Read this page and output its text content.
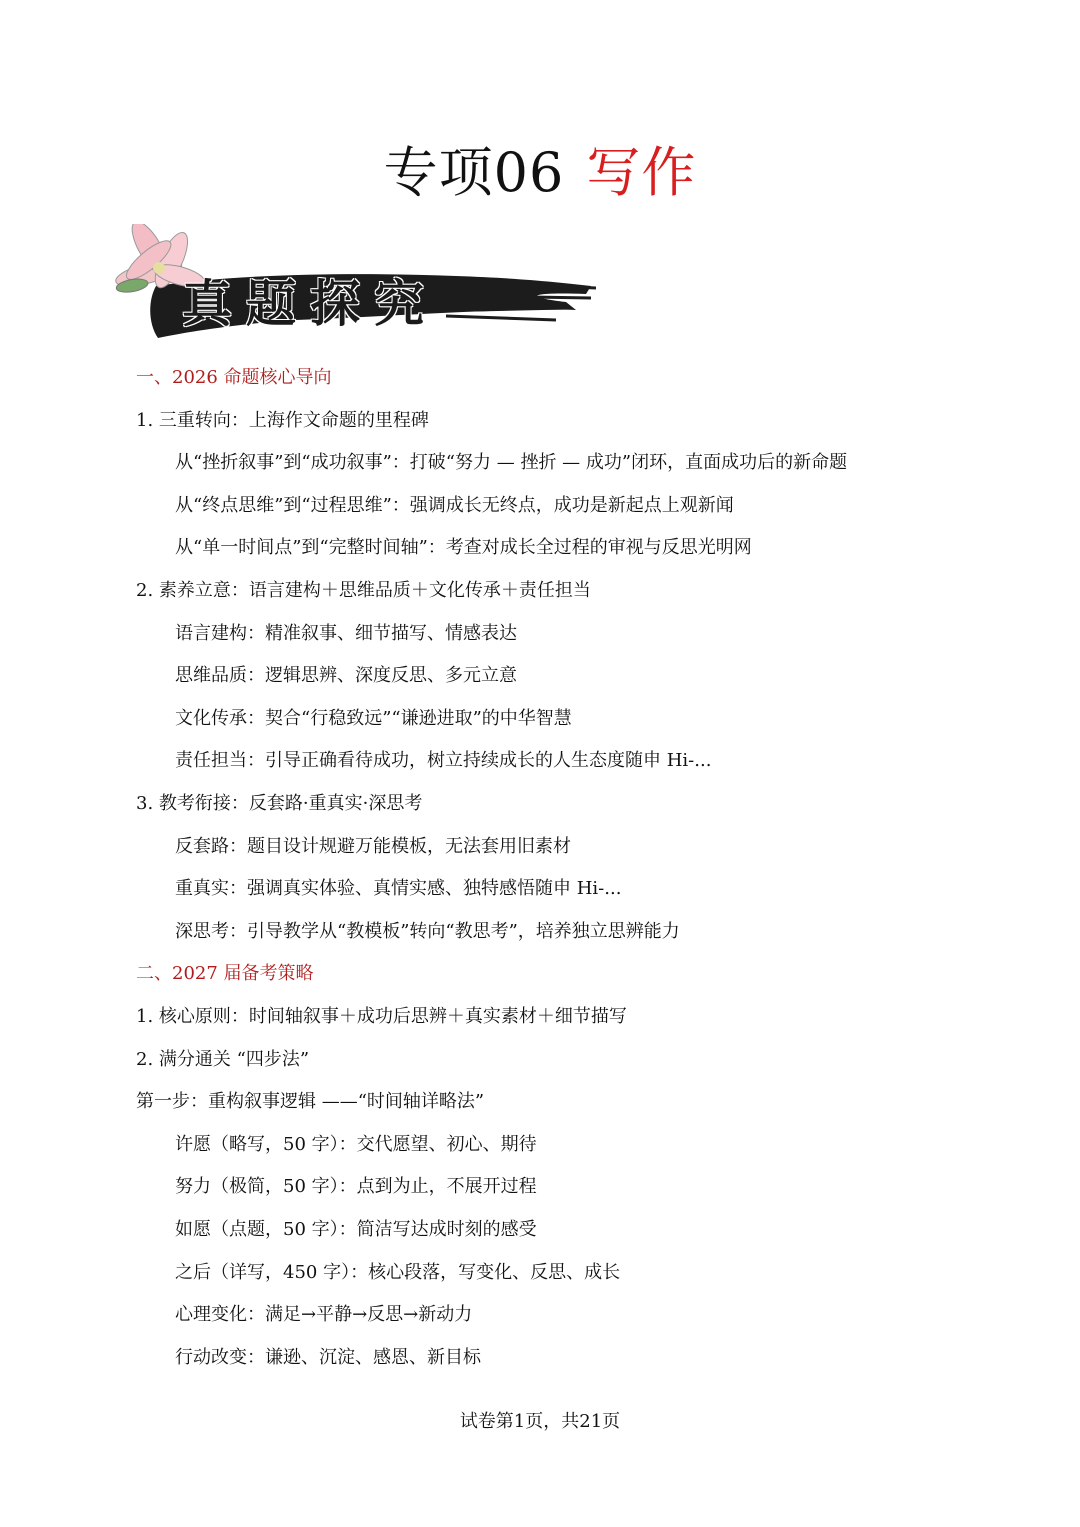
专项06 写作
真题探究
一、2026 命题核心导向
1. 三重转向：上海作文命题的里程碑
从“挫折叙事”到“成功叙事”：打破“努力 — 挫折 — 成功”闭环，直面成功后的新命题
从“终点思维”到“过程思维”：强调成长无终点，成功是新起点上观新闻
从“单一时间点”到“完整时间轴”：考查对成长全过程的审视与反思光明网
2. 素养立意：语言建构＋思维品质＋文化传承＋责任担当
语言建构：精准叙事、细节描写、情感表达
思维品质：逻辑思辨、深度反思、多元立意
文化传承：契合“行稳致远”“谦逊进取”的中华智慧
责任担当：引导正确看待成功，树立持续成长的人生态度随申 Hi-...
3. 教考衔接：反套路·重真实·深思考
反套路：题目设计规避万能模板，无法套用旧素材
重真实：强调真实体验、真情实感、独特感悟随申 Hi-...
深思考：引导教学从“教模板”转向“教思考”，培养独立思辨能力
二、2027 届备考策略
1. 核心原则：时间轴叙事＋成功后思辨＋真实素材＋细节描写
2. 满分通关 “四步法”
第一步：重构叙事逻辑 ——“时间轴详略法”
许愿（略写，50 字）：交代愿望、初心、期待
努力（极简，50 字）：点到为止，不展开过程
如愿（点题，50 字）：简洁写达成时刻的感受
之后（详写，450 字）：核心段落，写变化、反思、成长
心理变化：满足→平静→反思→新动力
行动改变：谦逊、沉淀、感恩、新目标
试卷第1页，共21页
